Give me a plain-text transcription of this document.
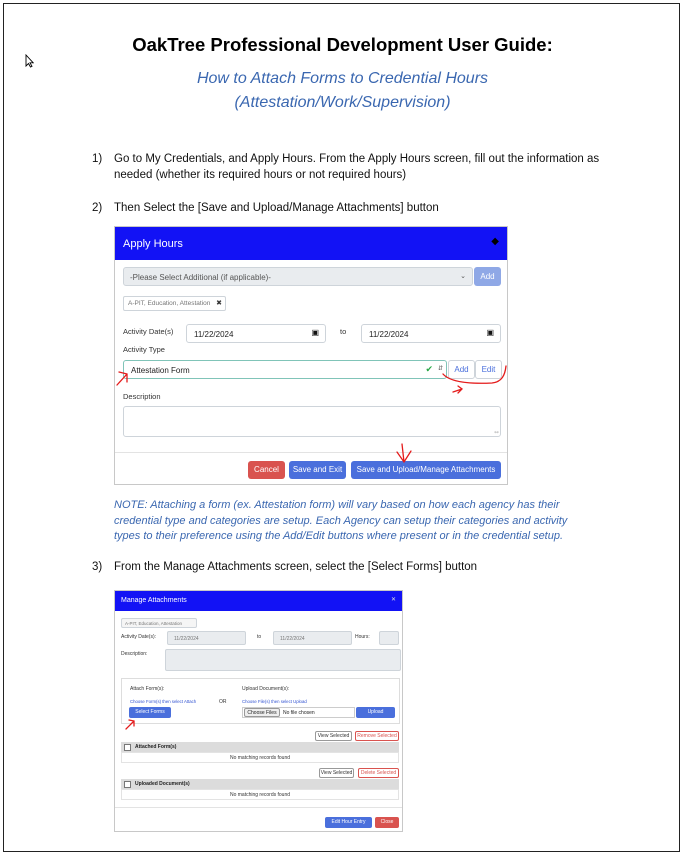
OakTree Professional Development User Guide:
How to Attach Forms to Credential Hours
(Attestation/Work/Supervision)
1) Go to My Credentials, and Apply Hours. From the Apply Hours screen, fill out the information as
needed (whether its required hours or not required hours)
2) Then Select the [Save and Upload/Manage Attachments] button
Apply Hours	◆
-Please Select Additional (if applicable)-	⌄	Add
A-PIT, Education, Attestation ✖
Activity Date(s)	11/22/2024	▣	to	11/22/2024	▣
Activity Type
Attestation Form	✔ ⇵	Add	Edit
Description
⇿
Cancel	Save and Exit	Save and Upload/Manage Attachments
NOTE: Attaching a form (ex. Attestation form) will vary based on how each agency has their
credential type and categories are setup. Each Agency can setup their categories and activity
types to their preference using the Add/Edit buttons where present or in the credential setup.
3) From the Manage Attachments screen, select the [Select Forms] button
Manage Attachments	✕
A-PIT, Education, Attestation
Activity Date(s):	11/22/2024	to	11/22/2024	Hours:
Description:
Attach Form(s):
Choose Form(s) then select Attach	OR
Upload Document(s):
Choose File(s) then select Upload
Select Forms	Choose Files	No file chosen	Upload
View Selected	Remove Selected
Attached Form(s)
No matching records found
View Selected	Delete Selected
Uploaded Document(s)
No matching records found
Edit Hour Entry	Close
